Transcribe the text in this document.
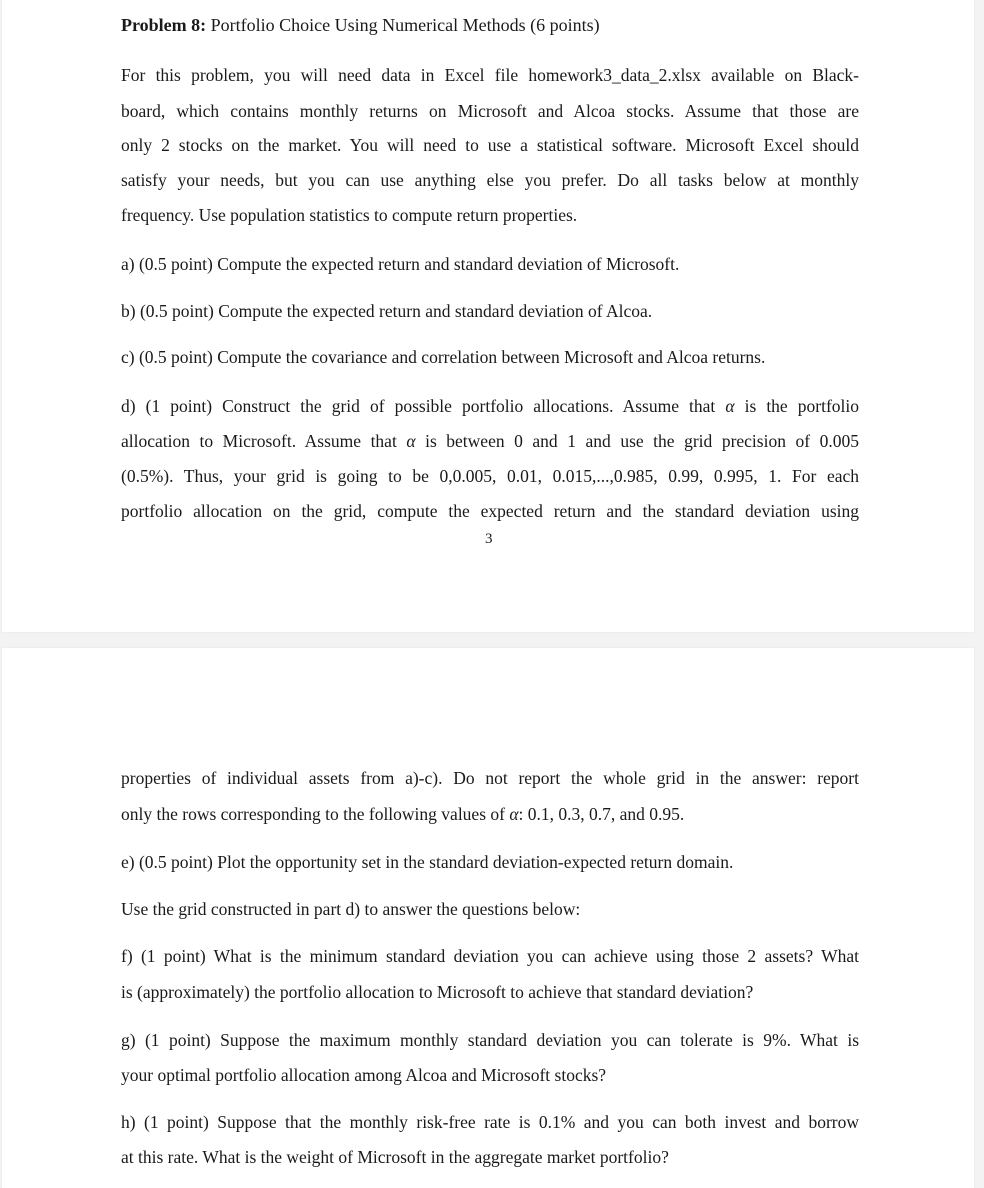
Problem 8: Portfolio Choice Using Numerical Methods (6 points)
For this problem, you will need data in Excel file homework3_data_2.xlsx available on Black-
board, which contains monthly returns on Microsoft and Alcoa stocks. Assume that those are
only 2 stocks on the market. You will need to use a statistical software. Microsoft Excel should
satisfy your needs, but you can use anything else you prefer. Do all tasks below at monthly
frequency. Use population statistics to compute return properties.
a) (0.5 point) Compute the expected return and standard deviation of Microsoft.
b) (0.5 point) Compute the expected return and standard deviation of Alcoa.
c) (0.5 point) Compute the covariance and correlation between Microsoft and Alcoa returns.
d) (1 point) Construct the grid of possible portfolio allocations. Assume that α is the portfolio
allocation to Microsoft. Assume that α is between 0 and 1 and use the grid precision of 0.005
(0.5%). Thus, your grid is going to be 0,0.005, 0.01, 0.015,...,0.985, 0.99, 0.995, 1. For each
portfolio allocation on the grid, compute the expected return and the standard deviation using
3
properties of individual assets from a)-c). Do not report the whole grid in the answer: report
only the rows corresponding to the following values of α: 0.1, 0.3, 0.7, and 0.95.
e) (0.5 point) Plot the opportunity set in the standard deviation-expected return domain.
Use the grid constructed in part d) to answer the questions below:
f) (1 point) What is the minimum standard deviation you can achieve using those 2 assets? What
is (approximately) the portfolio allocation to Microsoft to achieve that standard deviation?
g) (1 point) Suppose the maximum monthly standard deviation you can tolerate is 9%. What is
your optimal portfolio allocation among Alcoa and Microsoft stocks?
h) (1 point) Suppose that the monthly risk-free rate is 0.1% and you can both invest and borrow
at this rate. What is the weight of Microsoft in the aggregate market portfolio?
